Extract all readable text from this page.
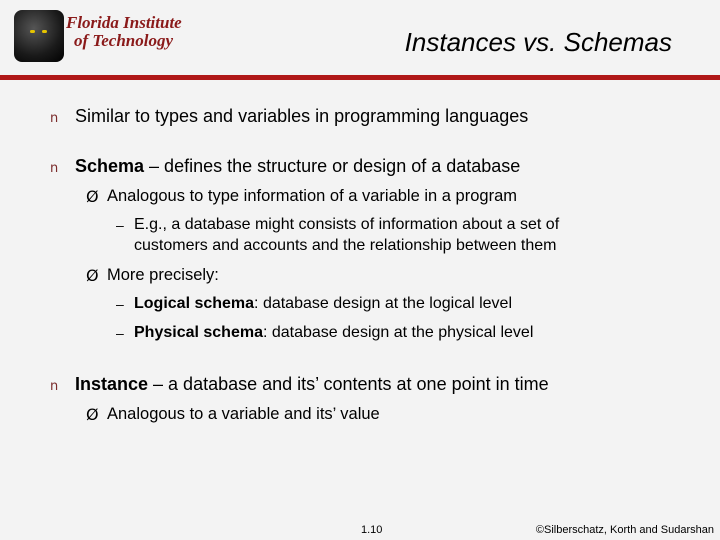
Florida Institute
of Technology	Instances vs. Schemas
n Similar to types and variables in programming languages
n Schema – defines the structure or design of a database
Ø Analogous to type information of a variable in a program
– E.g., a database might consists of information about a set of
customers and accounts and the relationship between them
Ø More precisely:
– Logical schema: database design at the logical level
– Physical schema: database design at the physical level
n Instance – a database and its’ contents at one point in time
Ø Analogous to a variable and its’ value
1.10	©Silberschatz, Korth and Sudarshan
